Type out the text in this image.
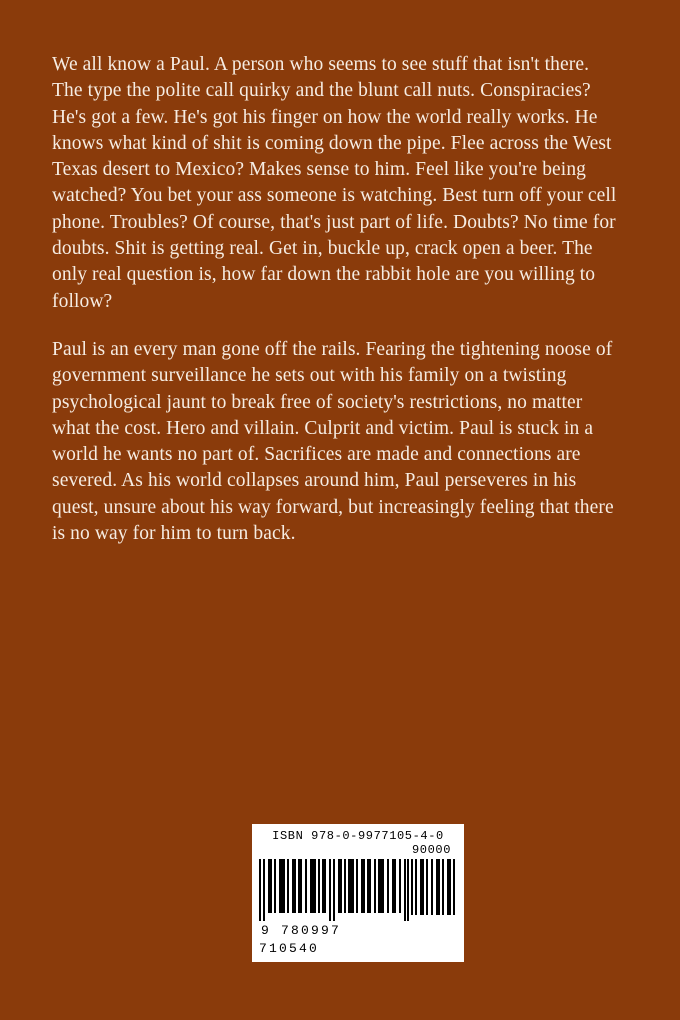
We all know a Paul. A person who seems to see stuff that isn't there. The type the polite call quirky and the blunt call nuts. Conspiracies? He's got a few. He's got his finger on how the world really works. He knows what kind of shit is coming down the pipe. Flee across the West Texas desert to Mexico? Makes sense to him. Feel like you're being watched? You bet your ass someone is watching. Best turn off your cell phone. Troubles? Of course, that's just part of life. Doubts? No time for doubts. Shit is getting real. Get in, buckle up, crack open a beer. The only real question is, how far down the rabbit hole are you willing to follow?

Paul is an every man gone off the rails. Fearing the tightening noose of government surveillance he sets out with his family on a twisting psychological jaunt to break free of society's restrictions, no matter what the cost. Hero and villain. Culprit and victim. Paul is stuck in a world he wants no part of. Sacrifices are made and connections are severed. As his world collapses around him, Paul perseveres in his quest, unsure about his way forward, but increasingly feeling that there is no way for him to turn back.

ISBN 978-0-9977105-4-0
90000
9 780997 710540
